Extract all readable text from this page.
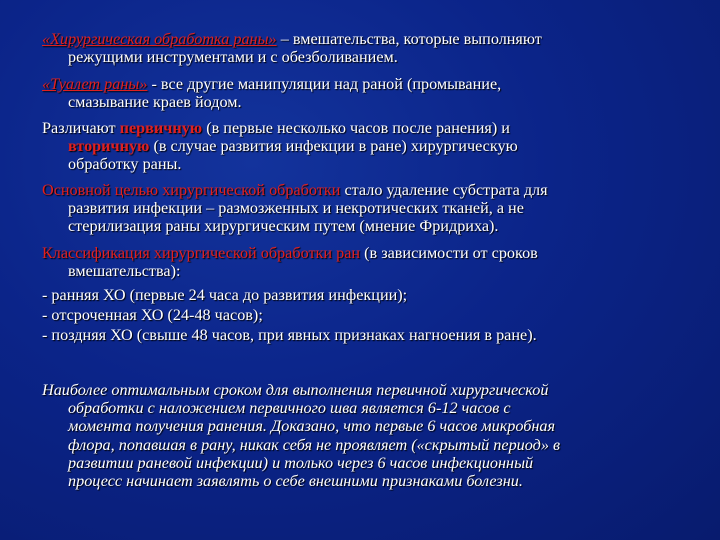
«Хирургическая обработка раны» – вмешательства, которые выполняют
режущими инструментами и с обезболиванием.
«Туалет раны» - все другие манипуляции над раной (промывание,
смазывание краев йодом.
Различают первичную (в первые несколько часов после ранения) и
вторичную (в случае развития инфекции в ране) хирургическую
обработку раны.
Основной целью хирургической обработки стало удаление субстрата для
развития инфекции – размозженных и некротических тканей, а не
стерилизация раны хирургическим путем (мнение Фридриха).
Классификация хирургической обработки ран (в зависимости от сроков
вмешательства):
- ранняя ХО (первые 24 часа до развития инфекции);
- отсроченная ХО (24-48 часов);
- поздняя ХО (свыше 48 часов, при явных признаках нагноения в ране).
Наиболее оптимальным сроком для выполнения первичной хирургической
обработки с наложением первичного шва является 6-12 часов с
момента получения ранения. Доказано, что первые 6 часов микробная
флора, попавшая в рану, никак себя не проявляет («скрытый период» в
развитии раневой инфекции) и только через 6 часов инфекционный
процесс начинает заявлять о себе внешними признаками болезни.
